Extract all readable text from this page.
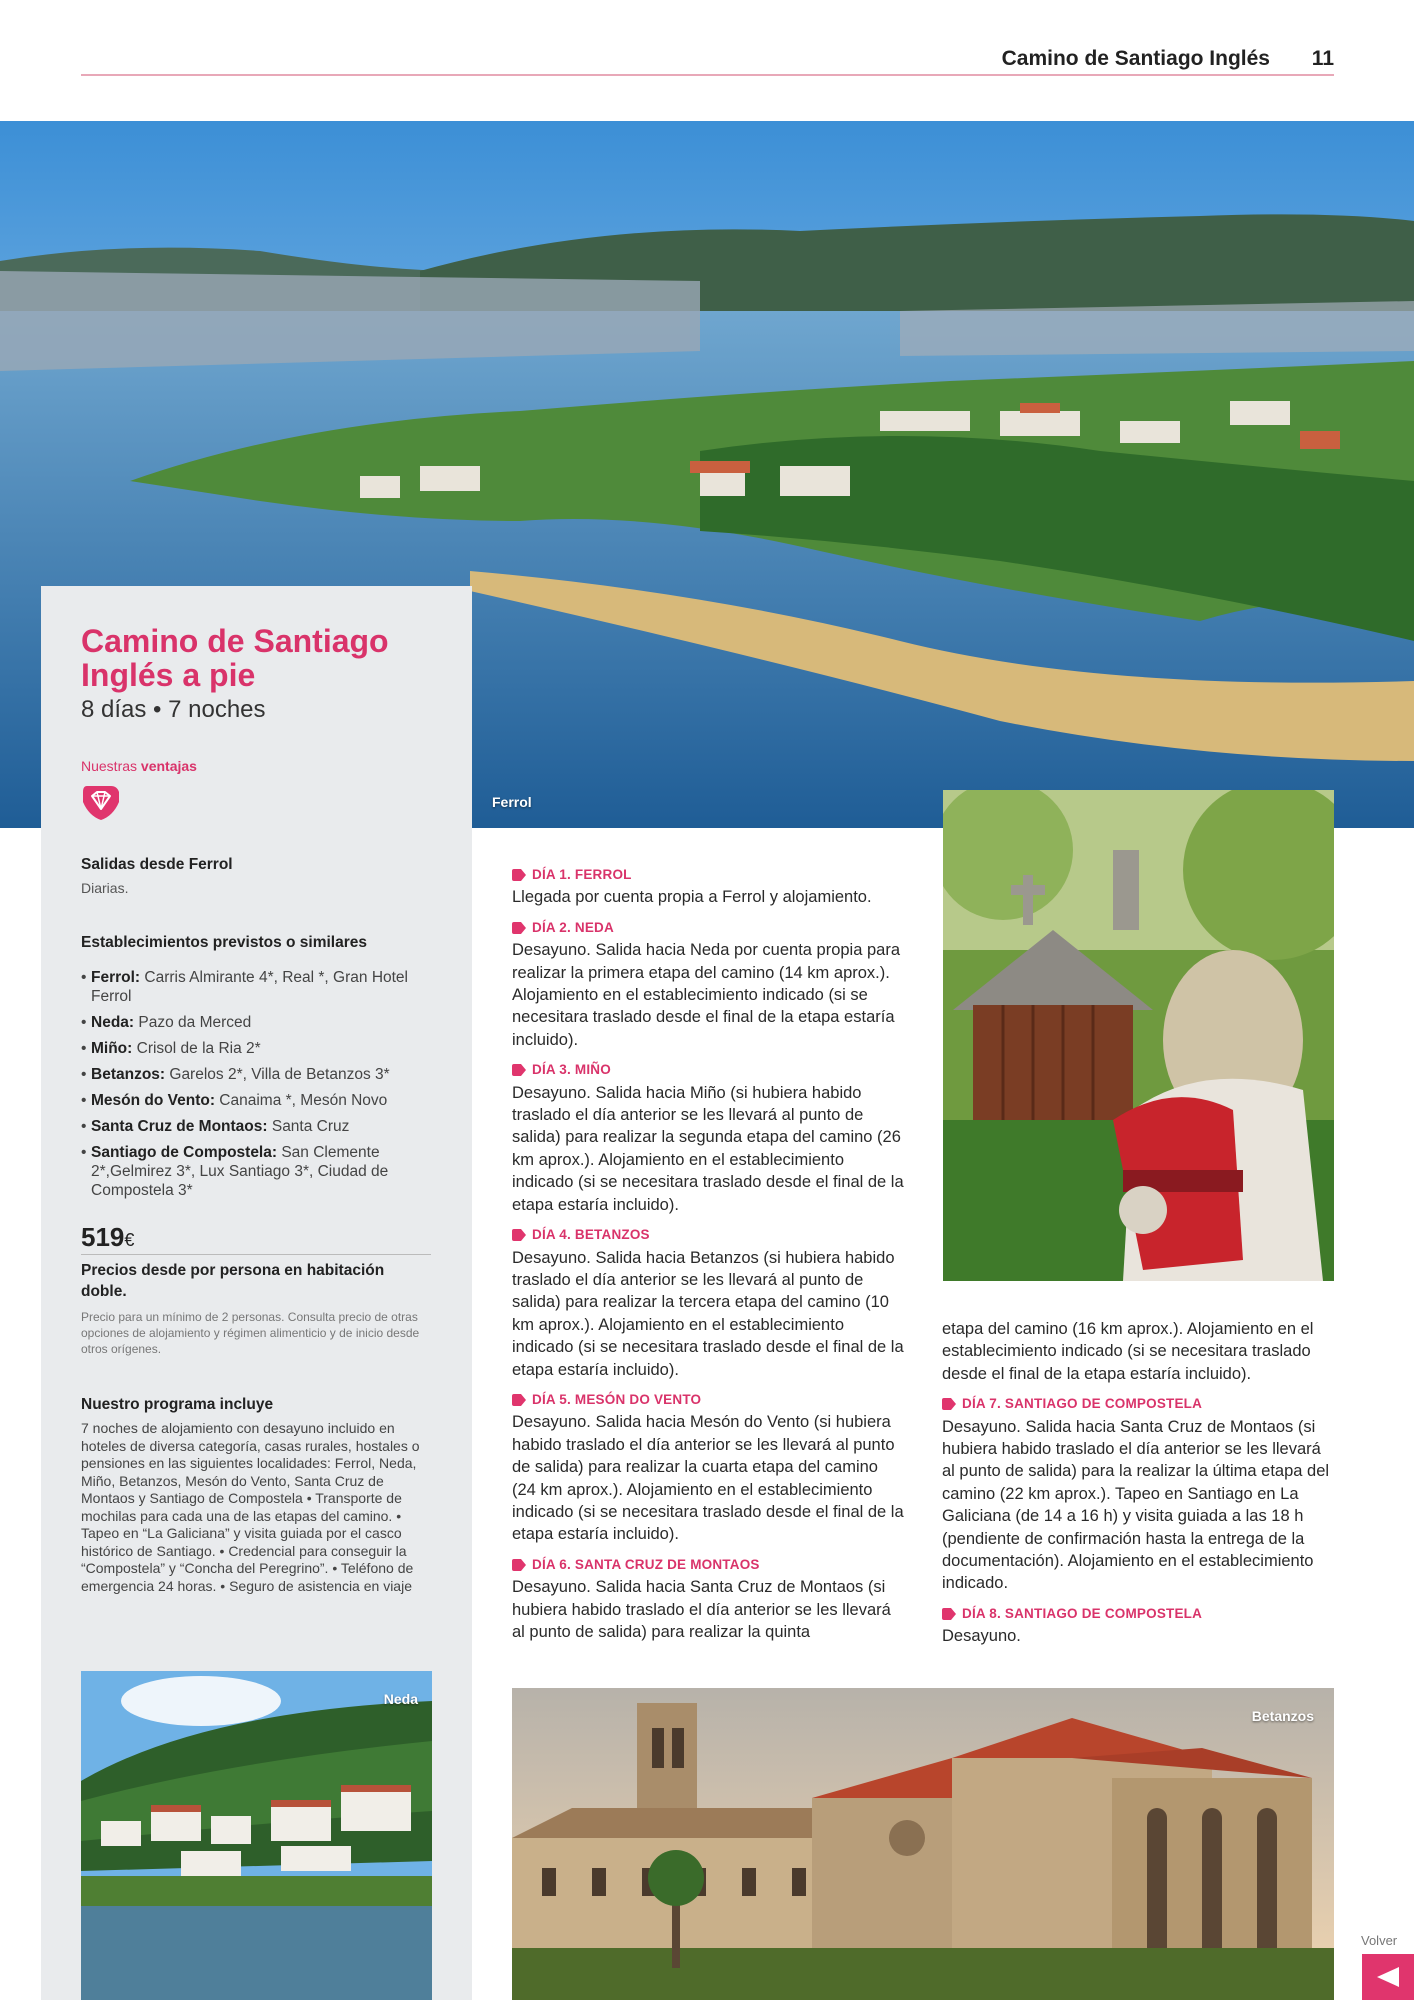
Camino de Santiago Inglés 11
Ferrol
Camino de Santiago Inglés a pie
8 días • 7 noches
Nuestras ventajas
Salidas desde Ferrol
Diarias.
Establecimientos previstos o similares
• Ferrol: Carris Almirante 4*, Real *, Gran Hotel Ferrol
• Neda: Pazo da Merced
• Miño: Crisol de la Ria 2*
• Betanzos: Garelos 2*, Villa de Betanzos 3*
• Mesón do Vento: Canaima *, Mesón Novo
• Santa Cruz de Montaos: Santa Cruz
• Santiago de Compostela: San Clemente 2*,Gelmirez 3*, Lux Santiago 3*, Ciudad de Compostela 3*
519€
Precios desde por persona en habitación doble.
Precio para un mínimo de 2 personas. Consulta precio de otras opciones de alojamiento y régimen alimenticio y de inicio desde otros orígenes.
Nuestro programa incluye
7 noches de alojamiento con desayuno incluido en hoteles de diversa categoría, casas rurales, hostales o pensiones en las siguientes localidades: Ferrol, Neda, Miño, Betanzos, Mesón do Vento, Santa Cruz de Montaos y Santiago de Compostela • Transporte de mochilas para cada una de las etapas del camino. • Tapeo en “La Galiciana” y visita guiada por el casco histórico de Santiago. • Credencial para conseguir la “Compostela” y “Concha del Peregrino”. • Teléfono de emergencia 24 horas. • Seguro de asistencia en viaje
Neda
DÍA 1. FERROL
Llegada por cuenta propia a Ferrol y alojamiento.
DÍA 2. NEDA
Desayuno. Salida hacia Neda por cuenta propia para realizar la primera etapa del camino (14 km aprox.). Alojamiento en el establecimiento indicado (si se necesitara traslado desde el final de la etapa estaría incluido).
DÍA 3. MIÑO
Desayuno. Salida hacia Miño (si hubiera habido traslado el día anterior se les llevará al punto de salida) para realizar la segunda etapa del camino (26 km aprox.). Alojamiento en el establecimiento indicado (si se necesitara traslado desde el final de la etapa estaría incluido).
DÍA 4. BETANZOS
Desayuno. Salida hacia Betanzos (si hubiera habido traslado el día anterior se les llevará al punto de salida) para realizar la tercera etapa del camino (10 km aprox.). Alojamiento en el establecimiento indicado (si se necesitara traslado desde el final de la etapa estaría incluido).
DÍA 5. MESÓN DO VENTO
Desayuno. Salida hacia Mesón do Vento (si hubiera habido traslado el día anterior se les llevará al punto de salida) para realizar la cuarta etapa del camino (24 km aprox.). Alojamiento en el establecimiento indicado (si se necesitara traslado desde el final de la etapa estaría incluido).
DÍA 6. SANTA CRUZ DE MONTAOS
Desayuno. Salida hacia Santa Cruz de Montaos (si hubiera habido traslado el día anterior se les llevará al punto de salida) para realizar la quinta
etapa del camino (16 km aprox.). Alojamiento en el establecimiento indicado (si se necesitara traslado desde el final de la etapa estaría incluido).
DÍA 7. SANTIAGO DE COMPOSTELA
Desayuno. Salida hacia Santa Cruz de Montaos (si hubiera habido traslado el día anterior se les llevará al punto de salida) para la realizar la última etapa del camino (22 km aprox.). Tapeo en Santiago en La Galiciana (de 14 a 16 h) y visita guiada a las 18 h (pendiente de confirmación hasta la entrega de la documentación). Alojamiento en el establecimiento indicado.
DÍA 8. SANTIAGO DE COMPOSTELA
Desayuno.
Betanzos
Volver
